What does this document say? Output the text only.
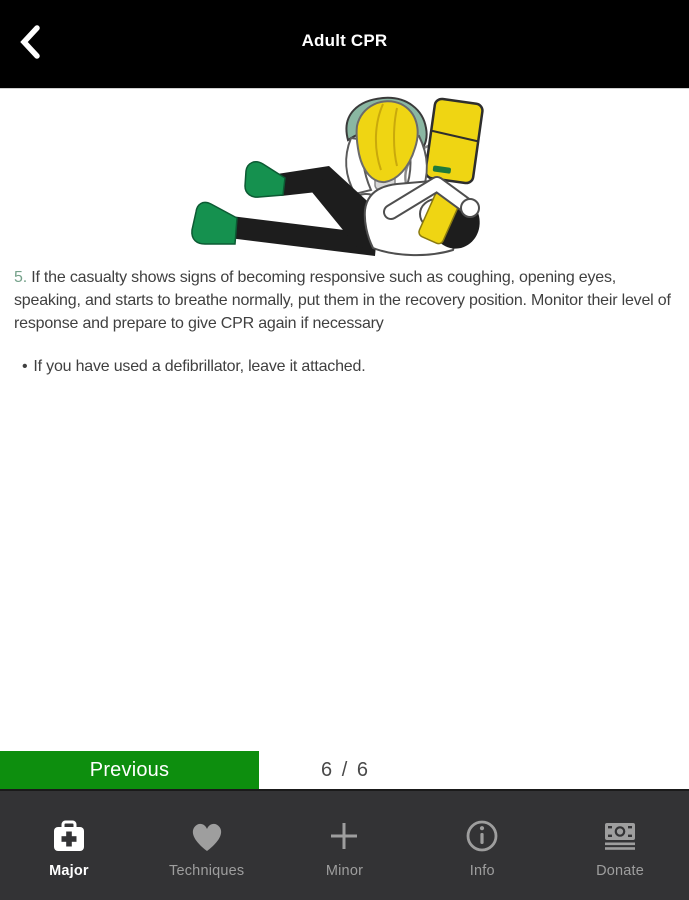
Adult CPR

5. If the casualty shows signs of becoming responsive such as coughing, opening eyes, speaking, and starts to breathe normally, put them in the recovery position. Monitor their level of response and prepare to give CPR again if necessary

• If you have used a defibrillator, leave it attached.

Previous	6 / 6
Major	Techniques	Minor	Info	Donate
